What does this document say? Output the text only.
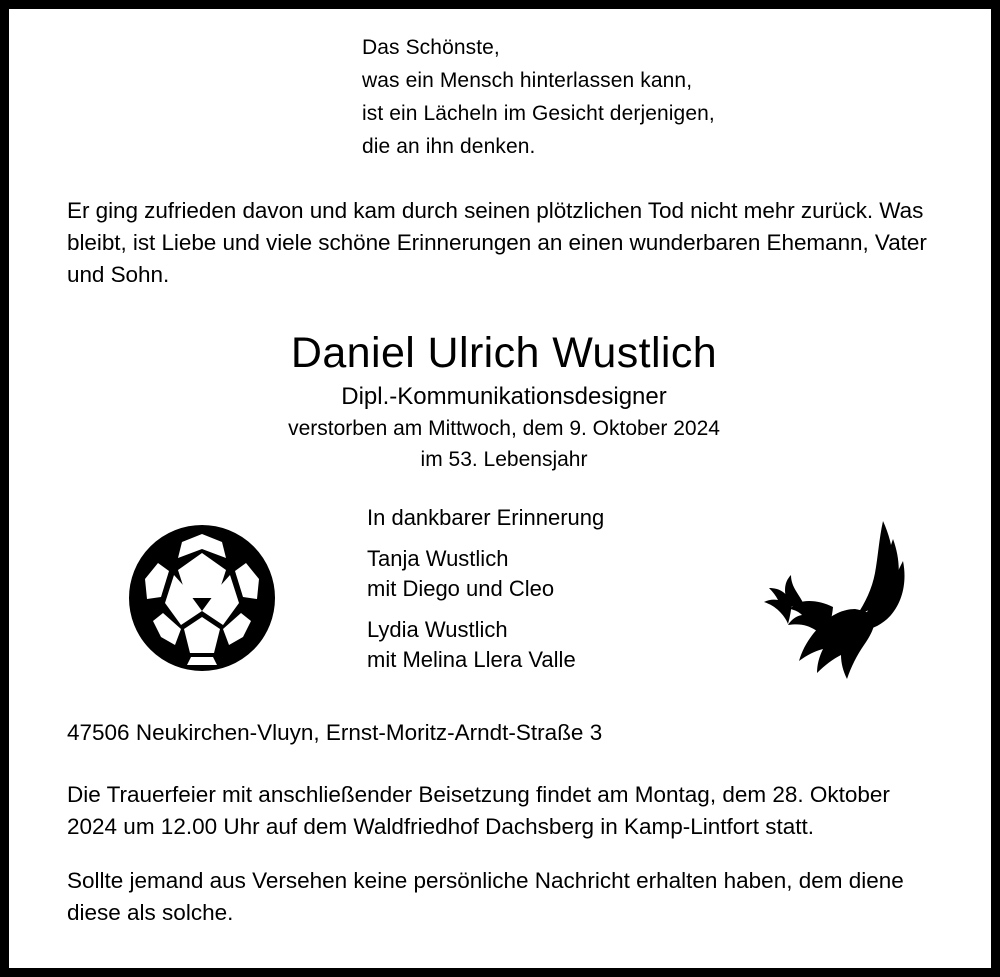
Das Schönste,
was ein Mensch hinterlassen kann,
ist ein Lächeln im Gesicht derjenigen,
die an ihn denken.
Er ging zufrieden davon und kam durch seinen plötzlichen Tod nicht mehr zurück. Was bleibt, ist Liebe und viele schöne Erinnerungen an einen wunderbaren Ehemann, Vater und Sohn.
Daniel Ulrich Wustlich
Dipl.-Kommunikationsdesigner
verstorben am Mittwoch, dem 9. Oktober 2024
im 53. Lebensjahr
In dankbarer Erinnerung
Tanja Wustlich
mit Diego und Cleo
Lydia Wustlich
mit Melina Llera Valle
47506 Neukirchen-Vluyn, Ernst-Moritz-Arndt-Straße 3
Die Trauerfeier mit anschließender Beisetzung findet am Montag, dem 28. Oktober 2024 um 12.00 Uhr auf dem Waldfriedhof Dachsberg in Kamp-Lintfort statt.
Sollte jemand aus Versehen keine persönliche Nachricht erhalten haben, dem diene diese als solche.
